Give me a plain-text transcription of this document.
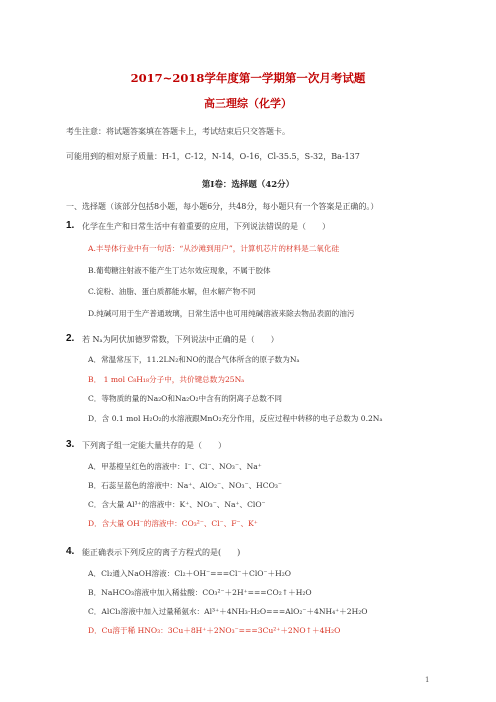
2017~2018学年度第一学期第一次月考试题
高三理综（化学）
考生注意：将试题答案填在答题卡上，考试结束后只交答题卡。
可能用到的相对原子质量：H-1，C-12，N-14，O-16，Cl-35.5，S-32，Ba-137
第Ⅰ卷：选择题（42分）
一、选择题（该部分包括8小题，每小题6分，共48分，每小题只有一个答案是正确的。）
1. 化学在生产和日常生活中有着重要的应用，下列说法错误的是（　　）
A.丰导体行业中有一句话：“从沙滩到用户”，计算机芯片的材料是二氧化硅
B.葡萄糖注射液不能产生丁达尔效应现象，不属于胶体
C.淀粉、油脂、蛋白质都能水解，但水解产物不同
D.纯碱可用于生产普通玻璃，日常生活中也可用纯碱溶液来除去物品表面的油污
2. 若 Nₐ为阿伏加德罗常数，下列说法中正确的是（　　）
A．常温常压下，11.2LN₂和NO的混合气体所含的原子数为Nₐ
B． 1 mol C₈H₁₈分子中，共价键总数为25Nₐ
C．等物质的量的Na₂O和Na₂O₂中含有的阴离子总数不同
D．含 0.1 mol H₂O₂的水溶液跟MnO₂充分作用，反应过程中转移的电子总数为 0.2Nₐ
3. 下列离子组一定能大量共存的是（　　）
A．甲基橙呈红色的溶液中：I⁻、Cl⁻、NO₃⁻、Na⁺
B．石蕊呈蓝色的溶液中：Na⁺、AlO₂⁻、NO₃⁻、HCO₃⁻
C．含大量 Al³⁺的溶液中：K⁺、NO₃⁻、Na⁺、ClO⁻
D．含大量 OH⁻的溶液中：CO₃²⁻、Cl⁻、F⁻、K⁺
4. 能正确表示下列反应的离子方程式的是(　　)
A．Cl₂通入NaOH溶液：Cl₂＋OH⁻===Cl⁻＋ClO⁻＋H₂O
B．NaHCO₃溶液中加入稀盐酸：CO₃²⁻＋2H⁺===CO₂↑＋H₂O
C．AlCl₃溶液中加入过量稀氨水：Al³⁺＋4NH₃·H₂O===AlO₂⁻＋4NH₄⁺＋2H₂O
D．Cu溶于稀 HNO₃：3Cu＋8H⁺＋2NO₃⁻===3Cu²⁺＋2NO↑＋4H₂O
1
